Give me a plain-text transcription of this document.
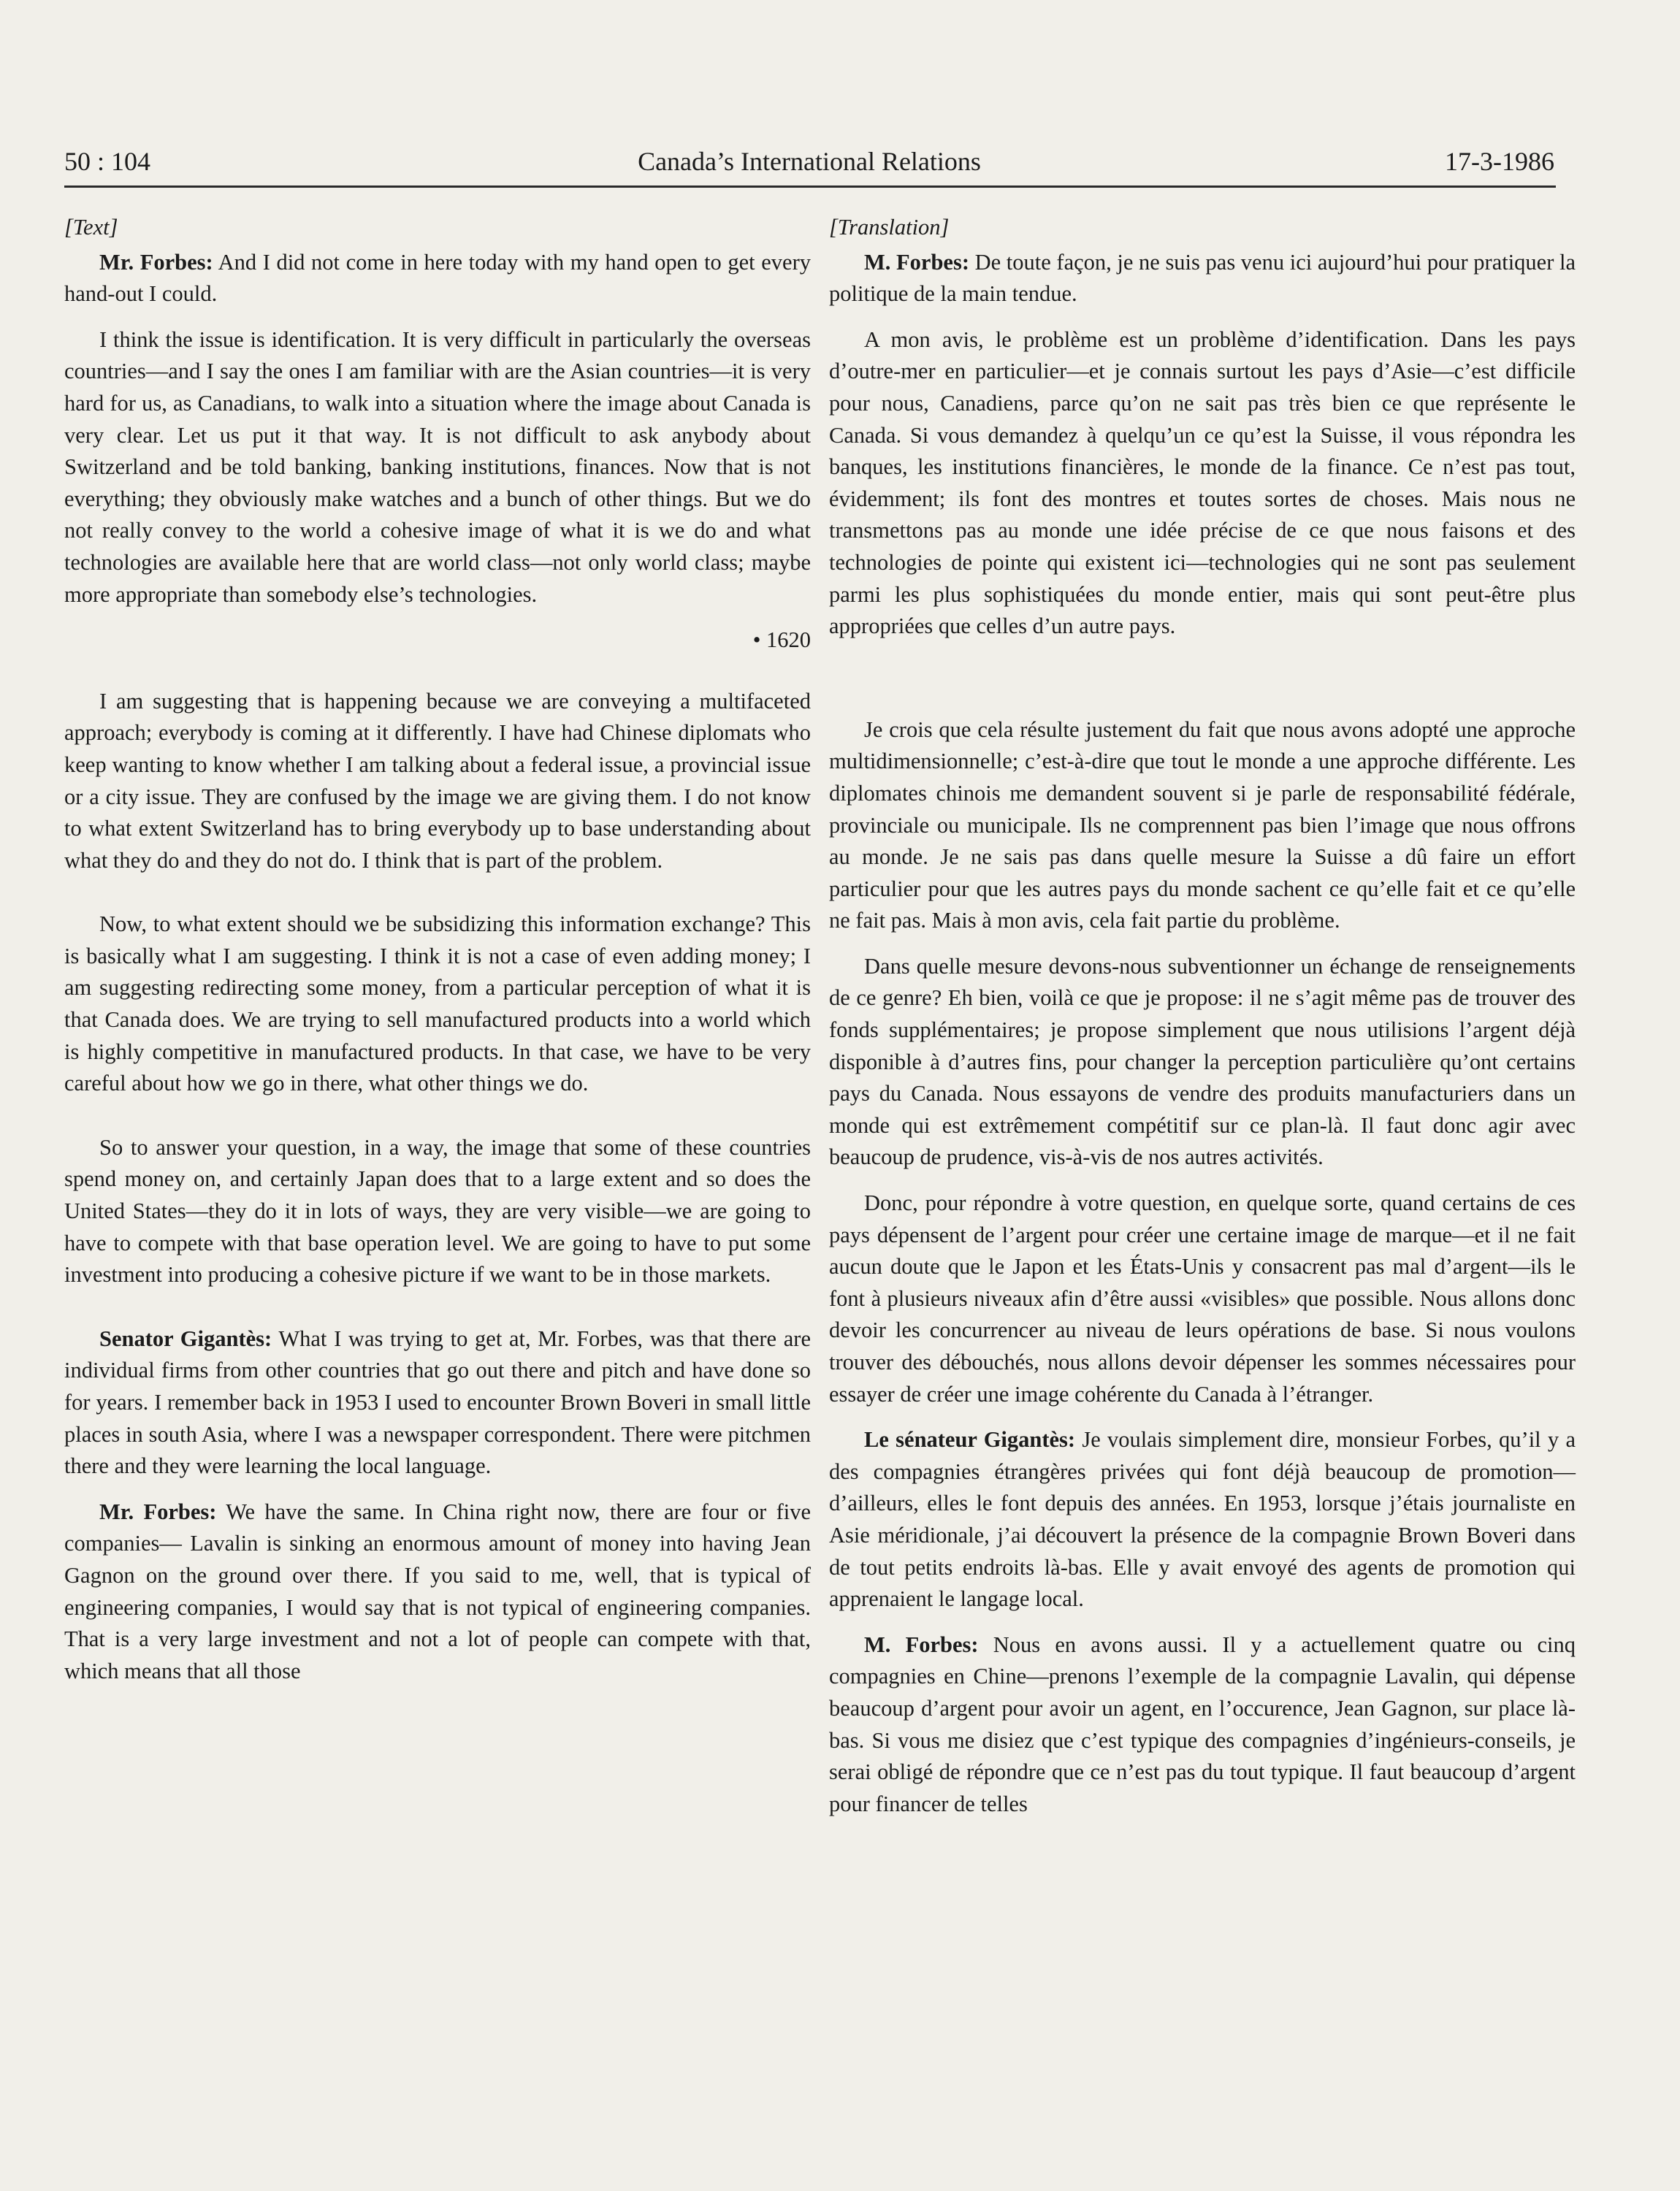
50 : 104	Canada’s International Relations	17-3-1986

[Text]

Mr. Forbes: And I did not come in here today with my hand open to get every hand-out I could.

I think the issue is identification. It is very difficult in particularly the overseas countries—and I say the ones I am familiar with are the Asian countries—it is very hard for us, as Canadians, to walk into a situation where the image about Canada is very clear. Let us put it that way. It is not difficult to ask anybody about Switzerland and be told banking, banking institutions, finances. Now that is not everything; they obviously make watches and a bunch of other things. But we do not really convey to the world a cohesive image of what it is we do and what technologies are available here that are world class—not only world class; maybe more appropriate than somebody else’s technologies.

• 1620

I am suggesting that is happening because we are conveying a multifaceted approach; everybody is coming at it differently. I have had Chinese diplomats who keep wanting to know whether I am talking about a federal issue, a provincial issue or a city issue. They are confused by the image we are giving them. I do not know to what extent Switzerland has to bring everybody up to base understanding about what they do and they do not do. I think that is part of the problem.

Now, to what extent should we be subsidizing this information exchange? This is basically what I am suggesting. I think it is not a case of even adding money; I am suggesting redirecting some money, from a particular perception of what it is that Canada does. We are trying to sell manufactured products into a world which is highly competitive in manufactured products. In that case, we have to be very careful about how we go in there, what other things we do.

So to answer your question, in a way, the image that some of these countries spend money on, and certainly Japan does that to a large extent and so does the United States—they do it in lots of ways, they are very visible—we are going to have to compete with that base operation level. We are going to have to put some investment into producing a cohesive picture if we want to be in those markets.

Senator Gigantès: What I was trying to get at, Mr. Forbes, was that there are individual firms from other countries that go out there and pitch and have done so for years. I remember back in 1953 I used to encounter Brown Boveri in small little places in south Asia, where I was a newspaper correspondent. There were pitchmen there and they were learning the local language.

Mr. Forbes: We have the same. In China right now, there are four or five companies— Lavalin is sinking an enormous amount of money into having Jean Gagnon on the ground over there. If you said to me, well, that is typical of engineering companies, I would say that is not typical of engineering companies. That is a very large investment and not a lot of people can compete with that, which means that all those

[Translation]

M. Forbes: De toute façon, je ne suis pas venu ici aujourd’hui pour pratiquer la politique de la main tendue.

A mon avis, le problème est un problème d’identification. Dans les pays d’outre-mer en particulier—et je connais surtout les pays d’Asie—c’est difficile pour nous, Canadiens, parce qu’on ne sait pas très bien ce que représente le Canada. Si vous demandez à quelqu’un ce qu’est la Suisse, il vous répondra les banques, les institutions financières, le monde de la finance. Ce n’est pas tout, évidemment; ils font des montres et toutes sortes de choses. Mais nous ne transmettons pas au monde une idée précise de ce que nous faisons et des technologies de pointe qui existent ici—technologies qui ne sont pas seulement parmi les plus sophistiquées du monde entier, mais qui sont peut-être plus appropriées que celles d’un autre pays.

Je crois que cela résulte justement du fait que nous avons adopté une approche multidimensionnelle; c’est-à-dire que tout le monde a une approche différente. Les diplomates chinois me demandent souvent si je parle de responsabilité fédérale, provinciale ou municipale. Ils ne comprennent pas bien l’image que nous offrons au monde. Je ne sais pas dans quelle mesure la Suisse a dû faire un effort particulier pour que les autres pays du monde sachent ce qu’elle fait et ce qu’elle ne fait pas. Mais à mon avis, cela fait partie du problème.

Dans quelle mesure devons-nous subventionner un échange de renseignements de ce genre? Eh bien, voilà ce que je propose: il ne s’agit même pas de trouver des fonds supplémentaires; je propose simplement que nous utilisions l’argent déjà disponible à d’autres fins, pour changer la perception particulière qu’ont certains pays du Canada. Nous essayons de vendre des produits manufacturiers dans un monde qui est extrêmement compétitif sur ce plan-là. Il faut donc agir avec beaucoup de prudence, vis-à-vis de nos autres activités.

Donc, pour répondre à votre question, en quelque sorte, quand certains de ces pays dépensent de l’argent pour créer une certaine image de marque—et il ne fait aucun doute que le Japon et les États-Unis y consacrent pas mal d’argent—ils le font à plusieurs niveaux afin d’être aussi «visibles» que possible. Nous allons donc devoir les concurrencer au niveau de leurs opérations de base. Si nous voulons trouver des débouchés, nous allons devoir dépenser les sommes nécessaires pour essayer de créer une image cohérente du Canada à l’étranger.

Le sénateur Gigantès: Je voulais simplement dire, monsieur Forbes, qu’il y a des compagnies étrangères privées qui font déjà beaucoup de promotion—d’ailleurs, elles le font depuis des années. En 1953, lorsque j’étais journaliste en Asie méridionale, j’ai découvert la présence de la compagnie Brown Boveri dans de tout petits endroits là-bas. Elle y avait envoyé des agents de promotion qui apprenaient le langage local.

M. Forbes: Nous en avons aussi. Il y a actuellement quatre ou cinq compagnies en Chine—prenons l’exemple de la compagnie Lavalin, qui dépense beaucoup d’argent pour avoir un agent, en l’occurence, Jean Gagnon, sur place là-bas. Si vous me disiez que c’est typique des compagnies d’ingénieurs-conseils, je serai obligé de répondre que ce n’est pas du tout typique. Il faut beaucoup d’argent pour financer de telles
